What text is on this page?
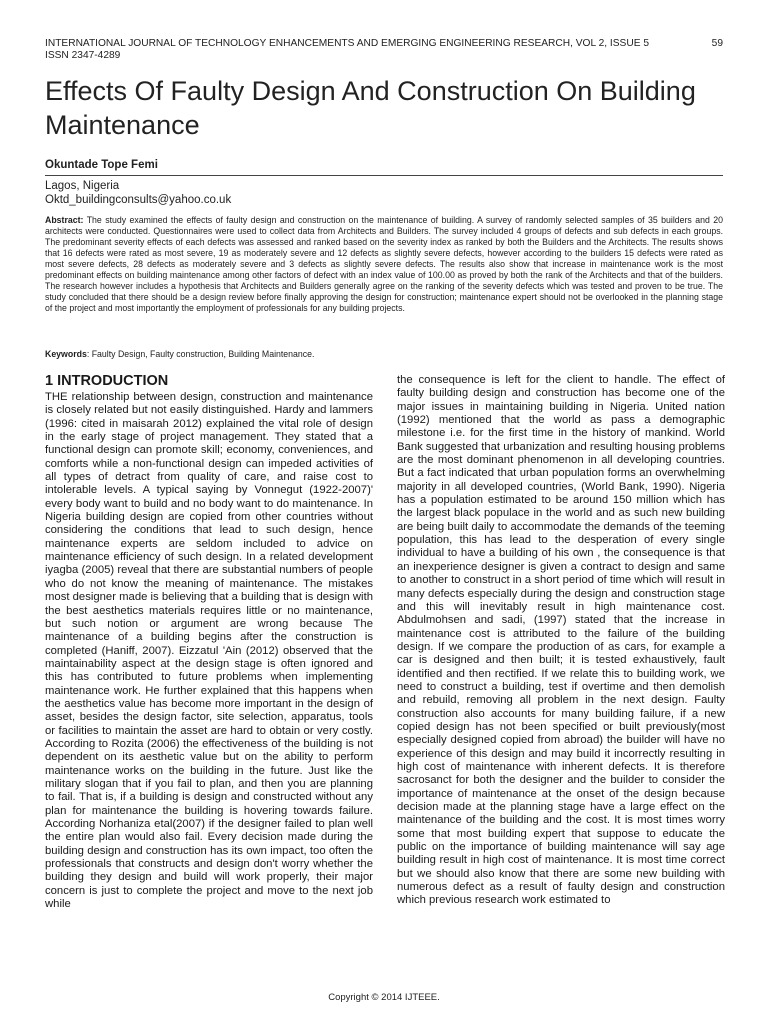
INTERNATIONAL JOURNAL OF TECHNOLOGY ENHANCEMENTS AND EMERGING ENGINEERING RESEARCH, VOL 2, ISSUE 5
ISSN 2347-4289
59
Effects Of Faulty Design And Construction On Building Maintenance
Okuntade Tope Femi
Lagos, Nigeria
Oktd_buildingconsults@yahoo.co.uk

Abstract: The study examined the effects of faulty design and construction on the maintenance of building. A survey of randomly selected samples of 35 builders and 20 architects were conducted. Questionnaires were used to collect data from Architects and Builders. The survey included 4 groups of defects and sub defects in each groups. The predominant severity effects of each defects was assessed and ranked based on the severity index as ranked by both the Builders and the Architects. The results shows that 16 defects were rated as most severe, 19 as moderately severe and 12 defects as slightly severe defects, however according to the builders 15 defects were rated as most severe defects, 28 defects as moderately severe and 3 defects as slightly severe defects. The results also show that increase in maintenance work is the most predominant effects on building maintenance among other factors of defect with an index value of 100.00 as proved by both the rank of the Architects and that of the builders. The research however includes a hypothesis that Architects and Builders generally agree on the ranking of the severity defects which was tested and proven to be true. The study concluded that there should be a design review before finally approving the design for construction; maintenance expert should not be overlooked in the planning stage of the project and most importantly the employment of professionals for any building projects.

Keywords: Faulty Design, Faulty construction, Building Maintenance.
1 INTRODUCTION

THE relationship between design, construction and maintenance is closely related but not easily distinguished. Hardy and lammers (1996: cited in maisarah 2012) explained the vital role of design in the early stage of project management. They stated that a functional design can promote skill; economy, conveniences, and comforts while a non-functional design can impeded activities of all types of detract from quality of care, and raise cost to intolerable levels. A typical saying by Vonnegut (1922-2007)' every body want to build and no body want to do maintenance. In Nigeria building design are copied from other countries without considering the conditions that lead to such design, hence maintenance experts are seldom included to advice on maintenance efficiency of such design. In a related development iyagba (2005) reveal that there are substantial numbers of people who do not know the meaning of maintenance. The mistakes most designer made is believing that a building that is design with the best aesthetics materials requires little or no maintenance, but such notion or argument are wrong because The maintenance of a building begins after the construction is completed (Haniff, 2007). Eizzatul 'Ain (2012) observed that the maintainability aspect at the design stage is often ignored and this has contributed to future problems when implementing maintenance work. He further explained that this happens when the aesthetics value has become more important in the design of asset, besides the design factor, site selection, apparatus, tools or facilities to maintain the asset are hard to obtain or very costly. According to Rozita (2006) the effectiveness of the building is not dependent on its aesthetic value but on the ability to perform maintenance works on the building in the future. Just like the military slogan that if you fail to plan, and then you are planning to fail. That is, if a building is design and constructed without any plan for maintenance the building is hovering towards failure. According Norhaniza etal(2007) if the designer failed to plan well the entire plan would also fail. Every decision made during the building design and construction has its own impact, too often the professionals that constructs and design don't worry whether the building they design and build will work properly, their major concern is just to complete the project and move to the next job while

the consequence is left for the client to handle. The effect of faulty building design and construction has become one of the major issues in maintaining building in Nigeria. United nation (1992) mentioned that the world as pass a demographic milestone i.e. for the first time in the history of mankind. World Bank suggested that urbanization and resulting housing problems are the most dominant phenomenon in all developing countries. But a fact indicated that urban population forms an overwhelming majority in all developed countries, (World Bank, 1990). Nigeria has a population estimated to be around 150 million which has the largest black populace in the world and as such new building are being built daily to accommodate the demands of the teeming population, this has lead to the desperation of every single individual to have a building of his own , the consequence is that an inexperience designer is given a contract to design and same to another to construct in a short period of time which will result in many defects especially during the design and construction stage and this will inevitably result in high maintenance cost. Abdulmohsen and sadi, (1997) stated that the increase in maintenance cost is attributed to the failure of the building design. If we compare the production of as cars, for example a car is designed and then built; it is tested exhaustively, fault identified and then rectified. If we relate this to building work, we need to construct a building, test if overtime and then demolish and rebuild, removing all problem in the next design. Faulty construction also accounts for many building failure, if a new copied design has not been specified or built previously(most especially designed copied from abroad) the builder will have no experience of this design and may build it incorrectly resulting in high cost of maintenance with inherent defects. It is therefore sacrosanct for both the designer and the builder to consider the importance of maintenance at the onset of the design because decision made at the planning stage have a large effect on the maintenance of the building and the cost. It is most times worry some that most building expert that suppose to educate the public on the importance of building maintenance will say age building result in high cost of maintenance. It is most time correct but we should also know that there are some new building with numerous defect as a result of faulty design and construction which previous research work estimated to

Copyright © 2014 IJTEEE.
